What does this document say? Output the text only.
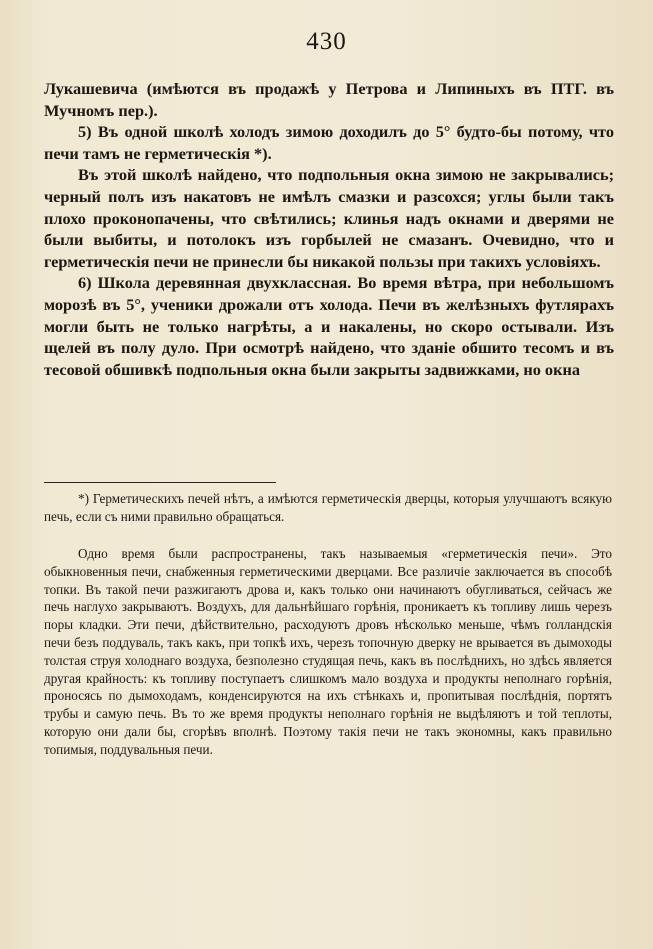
430

Лукашевича (имѣются въ продажѣ у Петрова и Липиныхъ въ ПТГ. въ Мучномъ пер.).

5) Въ одной школѣ холодъ зимою доходилъ до 5° будто-бы потому, что печи тамъ не герметическія *).

Въ этой школѣ найдено, что подпольныя окна зимою не закрывались; черный полъ изъ накатовъ не имѣлъ смазки и разсохся; углы были такъ плохо проконопачены, что свѣтились; клинья надъ окнами и дверями не были выбиты, и потолокъ изъ горбылей не смазанъ. Очевидно, что и герметическія печи не принесли бы никакой пользы при такихъ условіяхъ.

6) Школа деревянная двухклассная. Во время вѣтра, при небольшомъ морозѣ въ 5°, ученики дрожали отъ холода. Печи въ желѣзныхъ футлярахъ могли быть не только нагрѣты, а и накалены, но скоро остывали. Изъ щелей въ полу дуло. При осмотрѣ найдено, что зданіе обшито тесомъ и въ тесовой обшивкѣ подпольныя окна были закрыты задвижками, но окна

*) Герметическихъ печей нѣтъ, а имѣются герметическія дверцы, которыя улучшаютъ всякую печь, если съ ними правильно обращаться.

Одно время были распространены, такъ называемыя «герметическія печи». Это обыкновенныя печи, снабженныя герметическими дверцами. Все различіе заключается въ способѣ топки. Въ такой печи разжигаютъ дрова и, какъ только они начинаютъ обугливаться, сейчасъ же печь наглухо закрываютъ. Воздухъ, для дальнѣйшаго горѣнія, проникаетъ къ топливу лишь черезъ поры кладки. Эти печи, дѣйствительно, расходуютъ дровъ нѣсколько меньше, чѣмъ голландскія печи безъ поддуваль, такъ какъ, при топкѣ ихъ, черезъ топочную дверку не врывается въ дымоходы толстая струя холоднаго воздуха, безполезно студящая печь, какъ въ послѣднихъ, но здѣсь является другая крайность: къ топливу поступаетъ слишкомъ мало воздуха и продукты неполнаго горѣнія, проносясь по дымоходамъ, конденсируются на ихъ стѣнкахъ и, пропитывая послѣднія, портятъ трубы и самую печь. Въ то же время продукты неполнаго горѣнія не выдѣляютъ и той теплоты, которую они дали бы, сгорѣвъ вполнѣ. Поэтому такія печи не такъ экономны, какъ правильно топимыя, поддувальныя печи.
